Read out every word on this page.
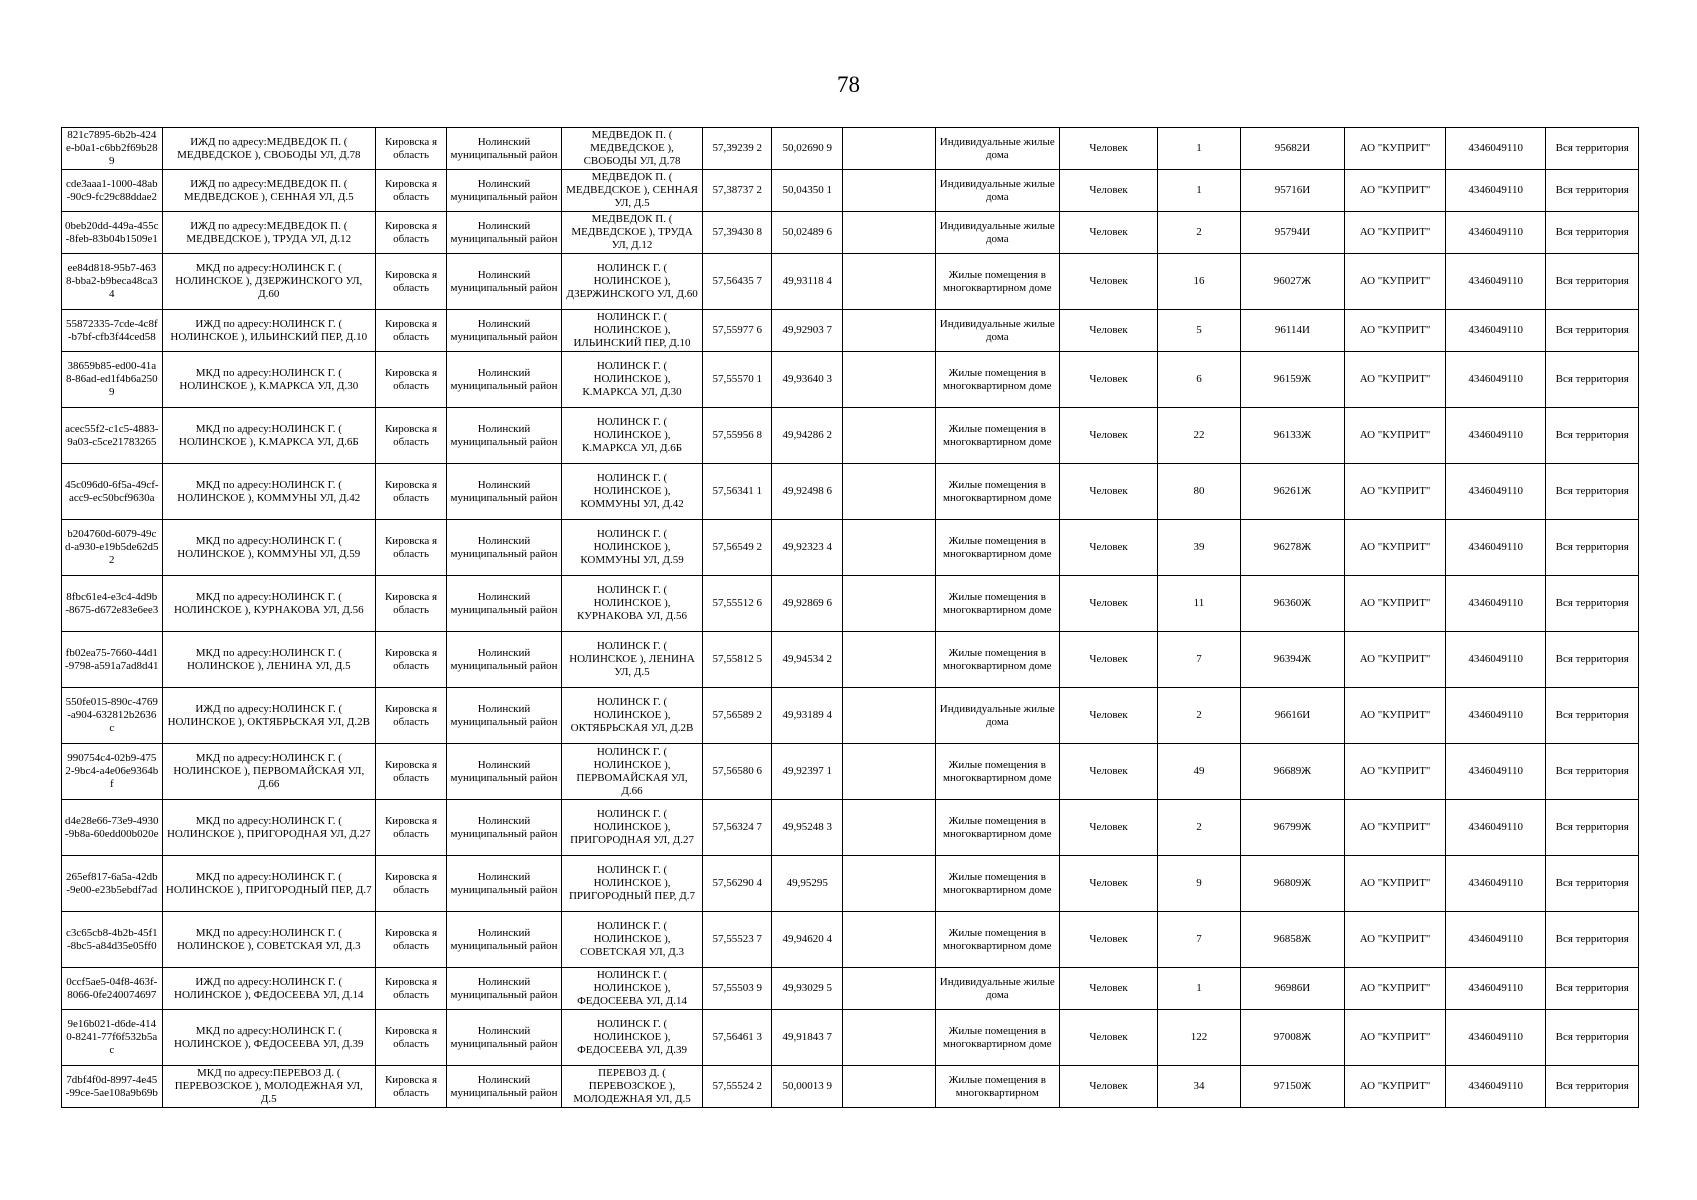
78
821c7895-6b2b-424e-b0a1-c6bb2f69b289	ИЖД по адресу:МЕДВЕДОК П. ( МЕДВЕДСКОЕ ), СВОБОДЫ УЛ, Д.78	Кировска я область	Нолинский муниципальный район	МЕДВЕДОК П. ( МЕДВЕДСКОЕ ), СВОБОДЫ УЛ, Д.78	57,39239 2	50,02690 9		Индивидуальные жилые дома	Человек	1	95682И	АО "КУПРИТ"	4346049110	Вся территория
cde3aaa1-1000-48ab-90c9-fc29c88ddae2	ИЖД по адресу:МЕДВЕДОК П. ( МЕДВЕДСКОЕ ), СЕННАЯ УЛ, Д.5	Кировска я область	Нолинский муниципальный район	МЕДВЕДОК П. ( МЕДВЕДСКОЕ ), СЕННАЯ УЛ, Д.5	57,38737 2	50,04350 1		Индивидуальные жилые дома	Человек	1	95716И	АО "КУПРИТ"	4346049110	Вся территория
0beb20dd-449a-455c-8feb-83b04b1509e1	ИЖД по адресу:МЕДВЕДОК П. ( МЕДВЕДСКОЕ ), ТРУДА УЛ, Д.12	Кировска я область	Нолинский муниципальный район	МЕДВЕДОК П. ( МЕДВЕДСКОЕ ), ТРУДА УЛ, Д.12	57,39430 8	50,02489 6		Индивидуальные жилые дома	Человек	2	95794И	АО "КУПРИТ"	4346049110	Вся территория
ee84d818-95b7-4638-bba2-b9beca48ca34	МКД по адресу:НОЛИНСК Г. ( НОЛИНСКОЕ ), ДЗЕРЖИНСКОГО УЛ, Д.60	Кировска я область	Нолинский муниципальный район	НОЛИНСК Г. ( НОЛИНСКОЕ ), ДЗЕРЖИНСКОГО УЛ, Д.60	57,56435 7	49,93118 4		Жилые помещения в многоквартирном доме	Человек	16	96027Ж	АО "КУПРИТ"	4346049110	Вся территория
55872335-7cde-4c8f-b7bf-cfb3f44ced58	ИЖД по адресу:НОЛИНСК Г. ( НОЛИНСКОЕ ), ИЛЬИНСКИЙ ПЕР, Д.10	Кировска я область	Нолинский муниципальный район	НОЛИНСК Г. ( НОЛИНСКОЕ ), ИЛЬИНСКИЙ ПЕР, Д.10	57,55977 6	49,92903 7		Индивидуальные жилые дома	Человек	5	96114И	АО "КУПРИТ"	4346049110	Вся территория
38659b85-ed00-41a8-86ad-ed1f4b6a2509	МКД по адресу:НОЛИНСК Г. ( НОЛИНСКОЕ ), К.МАРКСА УЛ, Д.30	Кировска я область	Нолинский муниципальный район	НОЛИНСК Г. ( НОЛИНСКОЕ ), К.МАРКСА УЛ, Д.30	57,55570 1	49,93640 3		Жилые помещения в многоквартирном доме	Человек	6	96159Ж	АО "КУПРИТ"	4346049110	Вся территория
acec55f2-c1c5-4883-9a03-c5ce21783265	МКД по адресу:НОЛИНСК Г. ( НОЛИНСКОЕ ), К.МАРКСА УЛ, Д.6Б	Кировска я область	Нолинский муниципальный район	НОЛИНСК Г. ( НОЛИНСКОЕ ), К.МАРКСА УЛ, Д.6Б	57,55956 8	49,94286 2		Жилые помещения в многоквартирном доме	Человек	22	96133Ж	АО "КУПРИТ"	4346049110	Вся территория
45c096d0-6f5a-49cf-acc9-ec50bcf9630a	МКД по адресу:НОЛИНСК Г. ( НОЛИНСКОЕ ), КОММУНЫ УЛ, Д.42	Кировска я область	Нолинский муниципальный район	НОЛИНСК Г. ( НОЛИНСКОЕ ), КОММУНЫ УЛ, Д.42	57,56341 1	49,92498 6		Жилые помещения в многоквартирном доме	Человек	80	96261Ж	АО "КУПРИТ"	4346049110	Вся территория
b204760d-6079-49cd-a930-e19b5de62d52	МКД по адресу:НОЛИНСК Г. ( НОЛИНСКОЕ ), КОММУНЫ УЛ, Д.59	Кировска я область	Нолинский муниципальный район	НОЛИНСК Г. ( НОЛИНСКОЕ ), КОММУНЫ УЛ, Д.59	57,56549 2	49,92323 4		Жилые помещения в многоквартирном доме	Человек	39	96278Ж	АО "КУПРИТ"	4346049110	Вся территория
8fbc61e4-e3c4-4d9b-8675-d672e83e6ee3	МКД по адресу:НОЛИНСК Г. ( НОЛИНСКОЕ ), КУРНАКОВА УЛ, Д.56	Кировска я область	Нолинский муниципальный район	НОЛИНСК Г. ( НОЛИНСКОЕ ), КУРНАКОВА УЛ, Д.56	57,55512 6	49,92869 6		Жилые помещения в многоквартирном доме	Человек	11	96360Ж	АО "КУПРИТ"	4346049110	Вся территория
fb02ea75-7660-44d1-9798-a591a7ad8d41	МКД по адресу:НОЛИНСК Г. ( НОЛИНСКОЕ ), ЛЕНИНА УЛ, Д.5	Кировска я область	Нолинский муниципальный район	НОЛИНСК Г. ( НОЛИНСКОЕ ), ЛЕНИНА УЛ, Д.5	57,55812 5	49,94534 2		Жилые помещения в многоквартирном доме	Человек	7	96394Ж	АО "КУПРИТ"	4346049110	Вся территория
550fe015-890c-4769-a904-632812b2636c	ИЖД по адресу:НОЛИНСК Г. ( НОЛИНСКОЕ ), ОКТЯБРЬСКАЯ УЛ, Д.2В	Кировска я область	Нолинский муниципальный район	НОЛИНСК Г. ( НОЛИНСКОЕ ), ОКТЯБРЬСКАЯ УЛ, Д.2В	57,56589 2	49,93189 4		Индивидуальные жилые дома	Человек	2	96616И	АО "КУПРИТ"	4346049110	Вся территория
990754c4-02b9-4752-9bc4-a4e06e9364bf	МКД по адресу:НОЛИНСК Г. ( НОЛИНСКОЕ ), ПЕРВОМАЙСКАЯ УЛ, Д.66	Кировска я область	Нолинский муниципальный район	НОЛИНСК Г. ( НОЛИНСКОЕ ), ПЕРВОМАЙСКАЯ УЛ, Д.66	57,56580 6	49,92397 1		Жилые помещения в многоквартирном доме	Человек	49	96689Ж	АО "КУПРИТ"	4346049110	Вся территория
d4e28e66-73e9-4930-9b8a-60edd00b020e	МКД по адресу:НОЛИНСК Г. ( НОЛИНСКОЕ ), ПРИГОРОДНАЯ УЛ, Д.27	Кировска я область	Нолинский муниципальный район	НОЛИНСК Г. ( НОЛИНСКОЕ ), ПРИГОРОДНАЯ УЛ, Д.27	57,56324 7	49,95248 3		Жилые помещения в многоквартирном доме	Человек	2	96799Ж	АО "КУПРИТ"	4346049110	Вся территория
265ef817-6a5a-42db-9e00-e23b5ebdf7ad	МКД по адресу:НОЛИНСК Г. ( НОЛИНСКОЕ ), ПРИГОРОДНЫЙ ПЕР, Д.7	Кировска я область	Нолинский муниципальный район	НОЛИНСК Г. ( НОЛИНСКОЕ ), ПРИГОРОДНЫЙ ПЕР, Д.7	57,56290 4	49,95295		Жилые помещения в многоквартирном доме	Человек	9	96809Ж	АО "КУПРИТ"	4346049110	Вся территория
c3c65cb8-4b2b-45f1-8bc5-a84d35e05ff0	МКД по адресу:НОЛИНСК Г. ( НОЛИНСКОЕ ), СОВЕТСКАЯ УЛ, Д.3	Кировска я область	Нолинский муниципальный район	НОЛИНСК Г. ( НОЛИНСКОЕ ), СОВЕТСКАЯ УЛ, Д.3	57,55523 7	49,94620 4		Жилые помещения в многоквартирном доме	Человек	7	96858Ж	АО "КУПРИТ"	4346049110	Вся территория
0ccf5ae5-04f8-463f-8066-0fe240074697	ИЖД по адресу:НОЛИНСК Г. ( НОЛИНСКОЕ ), ФЕДОСЕЕВА УЛ, Д.14	Кировска я область	Нолинский муниципальный район	НОЛИНСК Г. ( НОЛИНСКОЕ ), ФЕДОСЕЕВА УЛ, Д.14	57,55503 9	49,93029 5		Индивидуальные жилые дома	Человек	1	96986И	АО "КУПРИТ"	4346049110	Вся территория
9e16b021-d6de-4140-8241-77f6f532b5ac	МКД по адресу:НОЛИНСК Г. ( НОЛИНСКОЕ ), ФЕДОСЕЕВА УЛ, Д.39	Кировска я область	Нолинский муниципальный район	НОЛИНСК Г. ( НОЛИНСКОЕ ), ФЕДОСЕЕВА УЛ, Д.39	57,56461 3	49,91843 7		Жилые помещения в многоквартирном доме	Человек	122	97008Ж	АО "КУПРИТ"	4346049110	Вся территория
7dbf4f0d-8997-4e45-99ce-5ae108a9b69b	МКД по адресу:ПЕРЕВОЗ Д. ( ПЕРЕВОЗСКОЕ ), МОЛОДЕЖНАЯ УЛ, Д.5	Кировска я область	Нолинский муниципальный район	ПЕРЕВОЗ Д. ( ПЕРЕВОЗСКОЕ ), МОЛОДЕЖНАЯ УЛ, Д.5	57,55524 2	50,00013 9		Жилые помещения в многоквартирном	Человек	34	97150Ж	АО "КУПРИТ"	4346049110	Вся территория
